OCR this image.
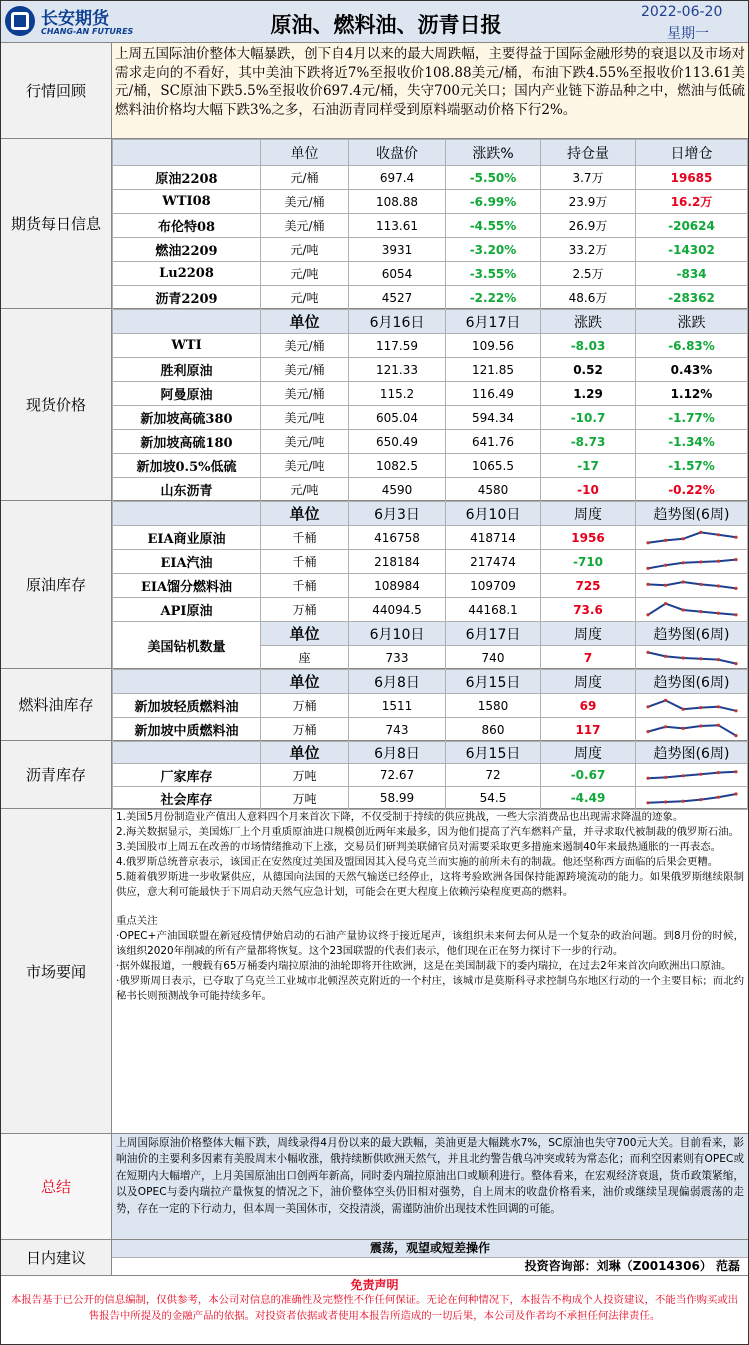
长安期货
CHANG-AN FUTURES	原油、燃料油、沥青日报
2022-06-20
星期一
行情回顾
上周五国际油价整体大幅暴跌，创下自4月以来的最大周跌幅，主要得益于国际金融形势的衰退以及市场对需求走向的不看好，其中美油下跌将近7%至报收价108.88美元/桶，布油下跌4.55%至报收价113.61美元/桶，SC原油下跌5.5%至报收价697.4元/桶，失守700元关口；国内产业链下游品种之中，燃油与低硫燃料油价格均大幅下跌3%之多，石油沥青同样受到原料端驱动价格下行2%。
期货每日信息
	单位	收盘价	涨跌%	持仓量	日增仓
原油2208	元/桶	697.4	-5.50%	3.7万	19685
WTI08	美元/桶	108.88	-6.99%	23.9万	16.2万
布伦特08	美元/桶	113.61	-4.55%	26.9万	-20624
燃油2209	元/吨	3931	-3.20%	33.2万	-14302
Lu2208	元/吨	6054	-3.55%	2.5万	-834
沥青2209	元/吨	4527	-2.22%	48.6万	-28362
现货价格
	单位	6月16日	6月17日	涨跌	涨跌
WTI	美元/桶	117.59	109.56	-8.03	-6.83%
胜利原油	美元/桶	121.33	121.85	0.52	0.43%
阿曼原油	美元/桶	115.2	116.49	1.29	1.12%
新加坡高硫380	美元/吨	605.04	594.34	-10.7	-1.77%
新加坡高硫180	美元/吨	650.49	641.76	-8.73	-1.34%
新加坡0.5%低硫	美元/吨	1082.5	1065.5	-17	-1.57%
山东沥青	元/吨	4590	4580	-10	-0.22%
原油库存
	单位	6月3日	6月10日	周度	趋势图(6周)
EIA商业原油	千桶	416758	418714	1956	

EIA汽油	千桶	218184	217474	-710	

EIA馏分燃料油	千桶	108984	109709	725	

API原油	万桶	44094.5	44168.1	73.6	

美国钻机数量	单位	6月10日	6月17日	周度	趋势图(6周)
	座	733	740	7	
燃料油库存
	单位	6月8日	6月15日	周度	趋势图(6周)
新加坡轻质燃料油	万桶	1511	1580	69	

新加坡中质燃料油	万桶	743	860	117	
沥青库存
	单位	6月8日	6月15日	周度	趋势图(6周)
厂家库存	万吨	72.67	72	-0.67	

社会库存	万吨	58.99	54.5	-4.49	
市场要闻
1.美国5月份制造业产值出人意料四个月来首次下降，不仅受制于持续的供应挑战，一些大宗消费品也出现需求降温的迹象。
2.海关数据显示，美国炼厂上个月重质原油进口规模创近两年来最多，因为他们提高了汽车燃料产量，并寻求取代被制裁的俄罗斯石油。
3.美国股市上周五在改善的市场情绪推动下上涨，交易员们研判美联储官员对需要采取更多措施来遏制40年来最热通胀的一再表态。
4.俄罗斯总统普京表示，该国正在安然度过美国及盟国因其入侵乌克兰而实施的前所未有的制裁。他还坚称西方面临的后果会更糟。
5.随着俄罗斯进一步收紧供应，从德国向法国的天然气输送已经停止，这将考验欧洲各国保持能源跨境流动的能力。如果俄罗斯继续限制供应，意大利可能最快于下周启动天然气应急计划，可能会在更大程度上依赖污染程度更高的燃料。
重点关注
·OPEC+产油国联盟在新冠疫情伊始启动的石油产量协议终于接近尾声，该组织未来何去何从是一个复杂的政治问题。到8月份的时候，该组织2020年削减的所有产量都将恢复。这个23国联盟的代表们表示，他们现在正在努力探讨下一步的行动。
·据外媒报道，一艘载有65万桶委内瑞拉原油的油轮即将开往欧洲，这是在美国制裁下的委内瑞拉，在过去2年来首次向欧洲出口原油。
·俄罗斯周日表示，已夺取了乌克兰工业城市北顿涅茨克附近的一个村庄，该城市是莫斯科寻求控制乌东地区行动的一个主要目标；而北约秘书长则预测战争可能持续多年。
总结
上周国际原油价格整体大幅下跌，周线录得4月份以来的最大跌幅，美油更是大幅跳水7%，SC原油也失守700元大关。目前看来，影响油价的主要利多因素有美股周末小幅收涨，俄持续断供欧洲天然气，并且北约警告俄乌冲突或转为常态化；而利空因素则有OPEC或在短期内大幅增产，上月美国原油出口创两年新高，同时委内瑞拉原油出口或顺利进行。整体看来，在宏观经济衰退，货币政策紧缩，以及OPEC与委内瑞拉产量恢复的情况之下，油价整体空头仍旧相对强势，自上周末的收盘价格看来，油价或继续呈现偏弱震荡的走势，存在一定的下行动力，但本周一美国休市，交投清淡，需谨防油价出现技术性回调的可能。
日内建议
震荡，观望或短差操作
投资咨询部：刘琳（Z0014306） 范磊
免责声明
本报告基于已公开的信息编制，仅供参考，本公司对信息的准确性及完整性不作任何保证。无论在何种情况下，本报告不构成个人投资建议，不能当作购买或出售报告中所提及的金融产品的依据。对投资者依据或者使用本报告所造成的一切后果，本公司及作者均不承担任何法律责任。
